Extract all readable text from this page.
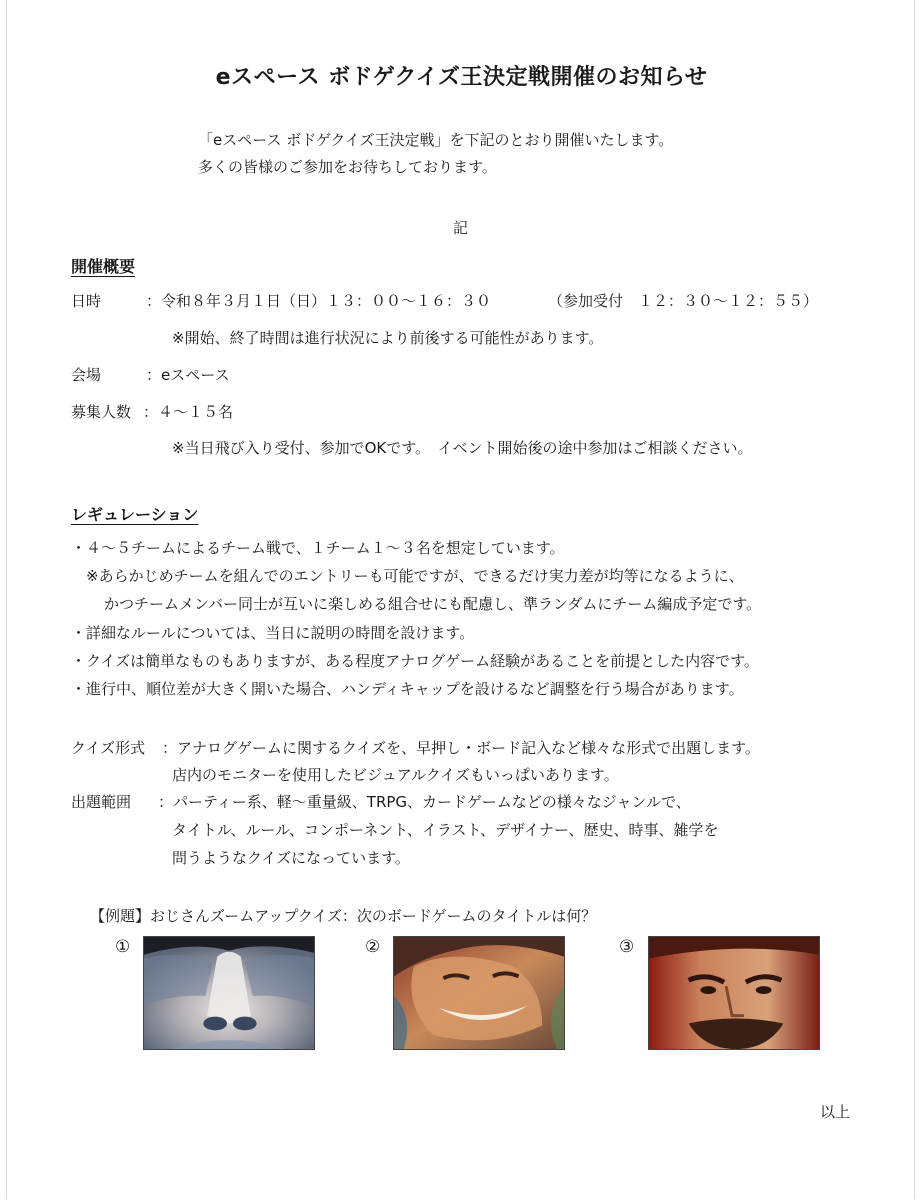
eスペース ボドゲクイズ王決定戦開催のお知らせ
「eスペース ボドゲクイズ王決定戦」を下記のとおり開催いたします。
多くの皆様のご参加をお待ちしております。
記
開催概要
日時	：令和８年３月１日（日）１３：００～１６：３０	（参加受付　１２：３０～１２：５５）
※開始、終了時間は進行状況により前後する可能性があります。
会場	：eスペース
募集人数 ：４～１５名
※当日飛び入り受付、参加でOKです。　イベント開始後の途中参加はご相談ください。
レギュレーション
・４～５チームによるチーム戦で、１チーム１～３名を想定しています。
※あらかじめチームを組んでのエントリーも可能ですが、できるだけ実力差が均等になるように、
かつチームメンバー同士が互いに楽しめる組合せにも配慮し、準ランダムにチーム編成予定です。
・詳細なルールについては、当日に説明の時間を設けます。
・クイズは簡単なものもありますが、ある程度アナログゲーム経験があることを前提とした内容です。
・進行中、順位差が大きく開いた場合、ハンディキャップを設けるなど調整を行う場合があります。
クイズ形式 ：アナログゲームに関するクイズを、早押し・ボード記入など様々な形式で出題します。
店内のモニターを使用したビジュアルクイズもいっぱいあります。
出題範囲 ：パーティー系、軽～重量級、TRPG、カードゲームなどの様々なジャンルで、
タイトル、ルール、コンポーネント、イラスト、デザイナー、歴史、時事、雑学を
問うようなクイズになっています。
【例題】おじさんズームアップクイズ：次のボードゲームのタイトルは何？
①	②	③
以上
